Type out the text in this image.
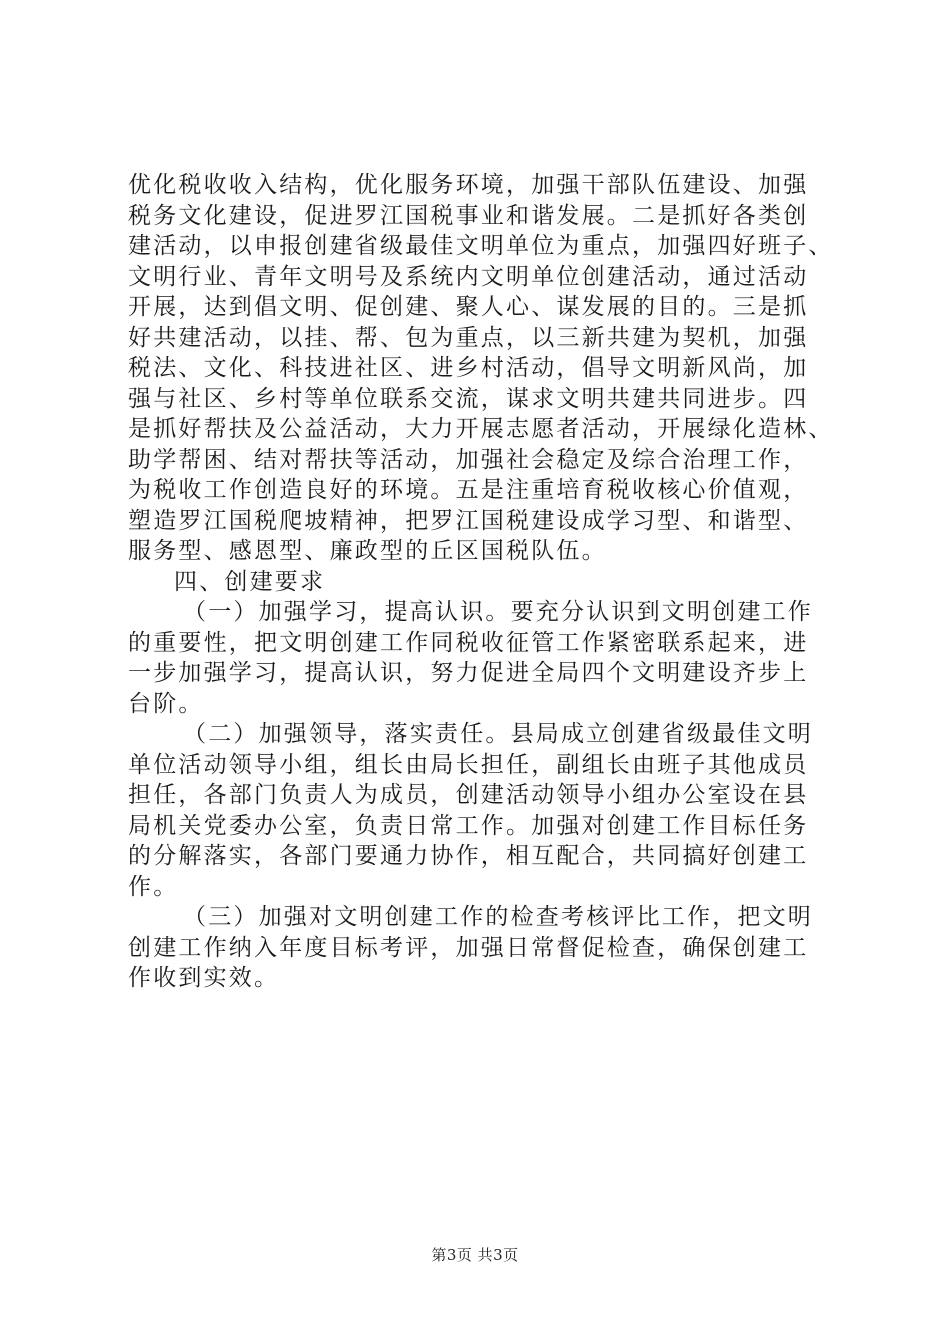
优化税收收入结构，优化服务环境，加强干部队伍建设、加强
税务文化建设，促进罗江国税事业和谐发展。二是抓好各类创
建活动，以申报创建省级最佳文明单位为重点，加强四好班子、
文明行业、青年文明号及系统内文明单位创建活动，通过活动
开展，达到倡文明、促创建、聚人心、谋发展的目的。三是抓
好共建活动，以挂、帮、包为重点，以三新共建为契机，加强
税法、文化、科技进社区、进乡村活动，倡导文明新风尚，加
强与社区、乡村等单位联系交流，谋求文明共建共同进步。四
是抓好帮扶及公益活动，大力开展志愿者活动，开展绿化造林、
助学帮困、结对帮扶等活动，加强社会稳定及综合治理工作，
为税收工作创造良好的环境。五是注重培育税收核心价值观，
塑造罗江国税爬坡精神，把罗江国税建设成学习型、和谐型、
服务型、感恩型、廉政型的丘区国税队伍。
四、创建要求
（一）加强学习，提高认识。要充分认识到文明创建工作
的重要性，把文明创建工作同税收征管工作紧密联系起来，进
一步加强学习，提高认识，努力促进全局四个文明建设齐步上
台阶。
（二）加强领导，落实责任。县局成立创建省级最佳文明
单位活动领导小组，组长由局长担任，副组长由班子其他成员
担任，各部门负责人为成员，创建活动领导小组办公室设在县
局机关党委办公室，负责日常工作。加强对创建工作目标任务
的分解落实，各部门要通力协作，相互配合，共同搞好创建工
作。
（三）加强对文明创建工作的检查考核评比工作，把文明
创建工作纳入年度目标考评，加强日常督促检查，确保创建工
作收到实效。
第3页 共3页
